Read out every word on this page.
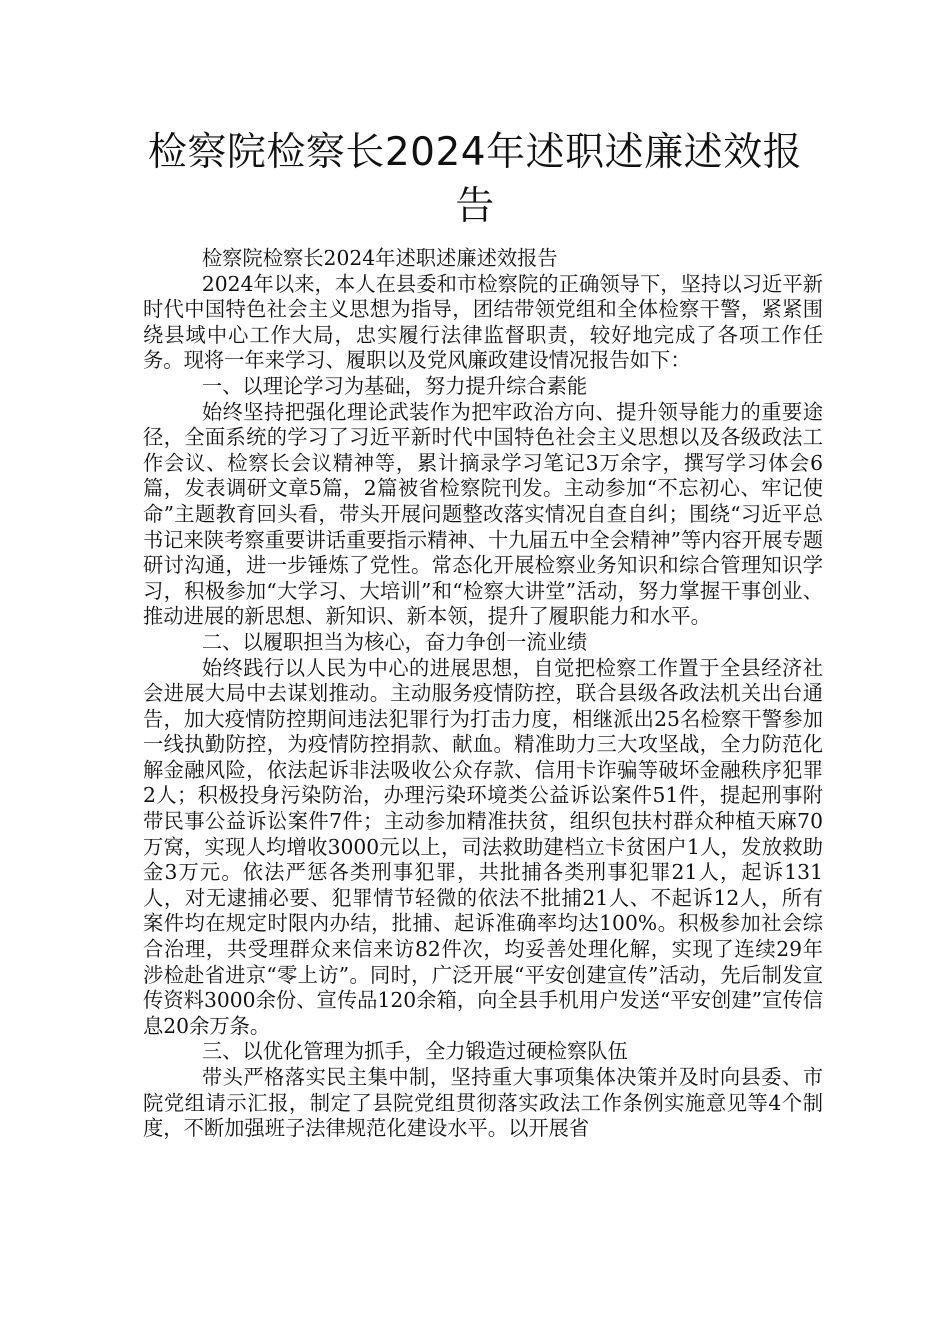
检察院检察长2024年述职述廉述效报告

检察院检察长2024年述职述廉述效报告

2024年以来，本人在县委和市检察院的正确领导下，坚持以习近平新时代中国特色社会主义思想为指导，团结带领党组和全体检察干警，紧紧围绕县域中心工作大局，忠实履行法律监督职责，较好地完成了各项工作任务。现将一年来学习、履职以及党风廉政建设情况报告如下：

一、以理论学习为基础，努力提升综合素能

始终坚持把强化理论武装作为把牢政治方向、提升领导能力的重要途径，全面系统的学习了习近平新时代中国特色社会主义思想以及各级政法工作会议、检察长会议精神等，累计摘录学习笔记3万余字，撰写学习体会6篇，发表调研文章5篇，2篇被省检察院刊发。主动参加“不忘初心、牢记使命”主题教育回头看，带头开展问题整改落实情况自查自纠；围绕“习近平总书记来陕考察重要讲话重要指示精神、十九届五中全会精神”等内容开展专题研讨沟通，进一步锤炼了党性。常态化开展检察业务知识和综合管理知识学习，积极参加“大学习、大培训”和“检察大讲堂”活动，努力掌握干事创业、推动进展的新思想、新知识、新本领，提升了履职能力和水平。

二、以履职担当为核心，奋力争创一流业绩

始终践行以人民为中心的进展思想，自觉把检察工作置于全县经济社会进展大局中去谋划推动。主动服务疫情防控，联合县级各政法机关出台通告，加大疫情防控期间违法犯罪行为打击力度，相继派出25名检察干警参加一线执勤防控，为疫情防控捐款、献血。精准助力三大攻坚战，全力防范化解金融风险，依法起诉非法吸收公众存款、信用卡诈骗等破坏金融秩序犯罪2人；积极投身污染防治，办理污染环境类公益诉讼案件51件，提起刑事附带民事公益诉讼案件7件；主动参加精准扶贫，组织包扶村群众种植天麻70万窝，实现人均增收3000元以上，司法救助建档立卡贫困户1人，发放救助金3万元。依法严惩各类刑事犯罪，共批捕各类刑事犯罪21人，起诉131人，对无逮捕必要、犯罪情节轻微的依法不批捕21人、不起诉12人，所有案件均在规定时限内办结，批捕、起诉准确率均达100%。积极参加社会综合治理，共受理群众来信来访82件次，均妥善处理化解，实现了连续29年涉检赴省进京“零上访”。同时，广泛开展“平安创建宣传”活动，先后制发宣传资料3000余份、宣传品120余箱，向全县手机用户发送“平安创建”宣传信息20余万条。

三、以优化管理为抓手，全力锻造过硬检察队伍

带头严格落实民主集中制，坚持重大事项集体决策并及时向县委、市院党组请示汇报，制定了县院党组贯彻落实政法工作条例实施意见等4个制度，不断加强班子法律规范化建设水平。以开展省
